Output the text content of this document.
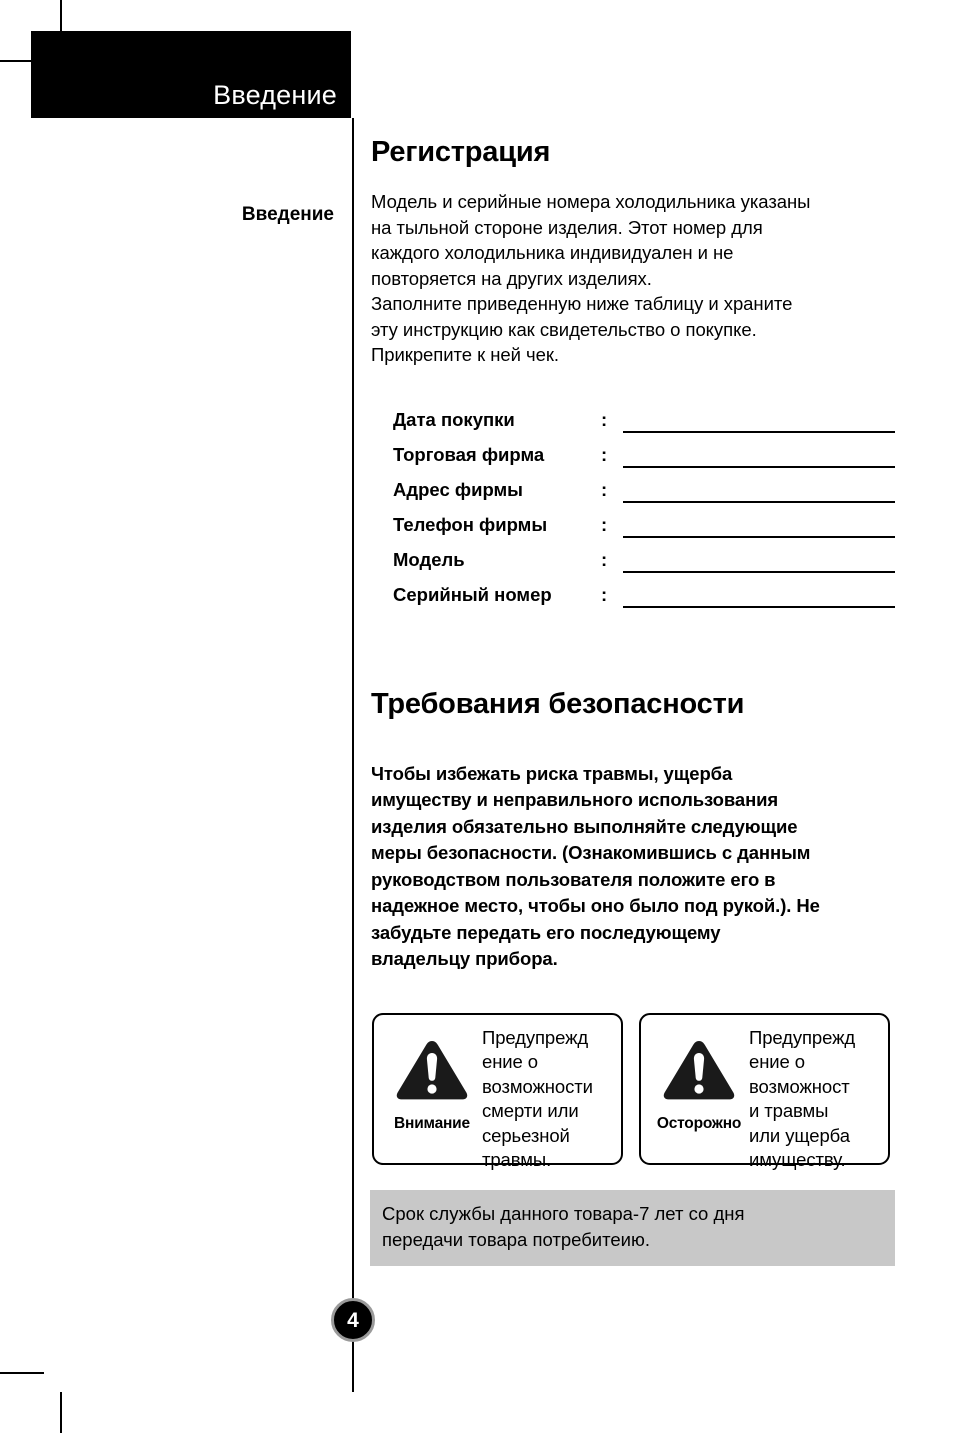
Введение
Введение
Регистрация
Модель и серийные номера холодильника указаны
на тыльной стороне изделия. Этот номер для
каждого холодильника индивидуален и не
повторяется на других изделиях.
Заполните приведенную ниже таблицу и храните
эту инструкцию как свидетельство о покупке.
Прикрепите к ней чек.
Дата покупки	:
Торговая фирма	:
Адрес фирмы	:
Телефон фирмы	:
Модель	:
Серийный номер	:
Требования безопасности
Чтобы избежать риска травмы, ущерба
имуществу и неправильного использования
изделия обязательно выполняйте следующие
меры безопасности. (Ознакомившись с данным
руководством пользователя положите его в
надежное место, чтобы оно было под рукой.). Не
забудьте передать его последующему
владельцу прибора.
Внимание
Предупрежд
ение о
возможности
смерти или
серьезной
травмы.
Осторожно
Предупрежд
ение о
возможност
и травмы
или ущерба
имуществу.
Срок службы данного товара-7 лет со дня
передачи товара потребитеию.
4
